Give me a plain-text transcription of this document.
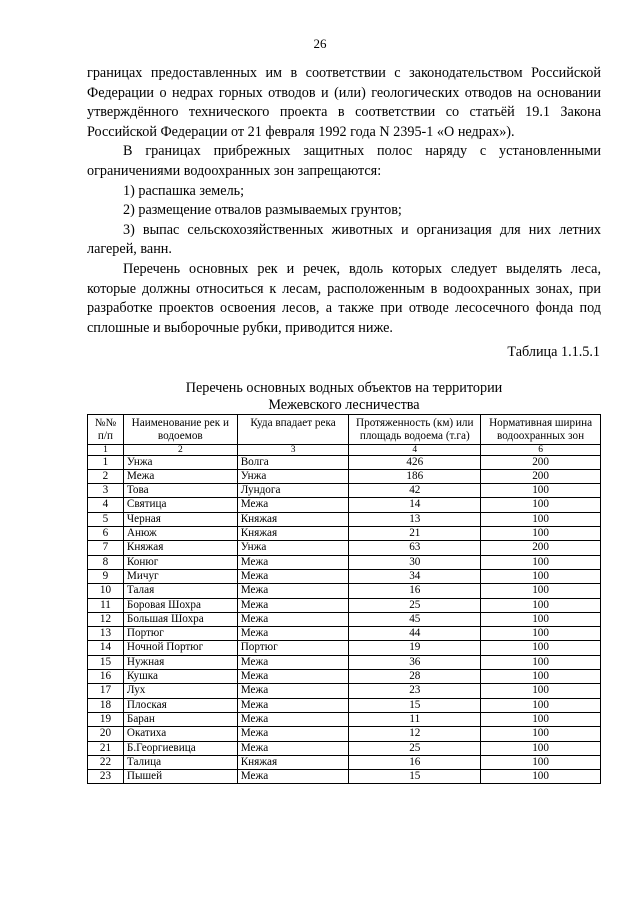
26

границах предоставленных им в соответствии с законодательством Российской Федерации о недрах горных отводов и (или) геологических отводов на основании утверждённого технического проекта в соответствии со статьёй 19.1 Закона Российской Федерации от 21 февраля 1992 года N 2395-1 «О недрах»).

В границах прибрежных защитных полос наряду с установленными ограничениями водоохранных зон запрещаются:

1) распашка земель;

2) размещение отвалов размываемых грунтов;

3) выпас сельскохозяйственных животных и организация для них летних лагерей, ванн.

Перечень основных рек и речек, вдоль которых следует выделять леса, которые должны относиться к лесам, расположенным в водоохранных зонах, при разработке проектов освоения лесов, а также при отводе лесосечного фонда под сплошные и выборочные рубки, приводится ниже.

Таблица 1.1.5.1
Перечень основных водных объектов на территории
Межевского лесничества
№№ п/п	Наименование рек и водоемов	Куда впадает река	Протяженность (км) или площадь водоема (т.га)	Нормативная ширина водоохранных зон
1	2	3	4	6
1	Унжа	Волга	426	200
2	Межа	Унжа	186	200
3	Това	Лундога	42	100
4	Святица	Межа	14	100
5	Черная	Княжая	13	100
6	Анюж	Княжая	21	100
7	Княжая	Унжа	63	200
8	Конюг	Межа	30	100
9	Мичуг	Межа	34	100
10	Талая	Межа	16	100
11	Боровая Шохра	Межа	25	100
12	Большая Шохра	Межа	45	100
13	Портюг	Межа	44	100
14	Ночной Портюг	Портюг	19	100
15	Нужная	Межа	36	100
16	Кушка	Межа	28	100
17	Лух	Межа	23	100
18	Плоская	Межа	15	100
19	Баран	Межа	11	100
20	Окатиха	Межа	12	100
21	Б.Георгиевица	Межа	25	100
22	Талица	Княжая	16	100
23	Пышей	Межа	15	100
